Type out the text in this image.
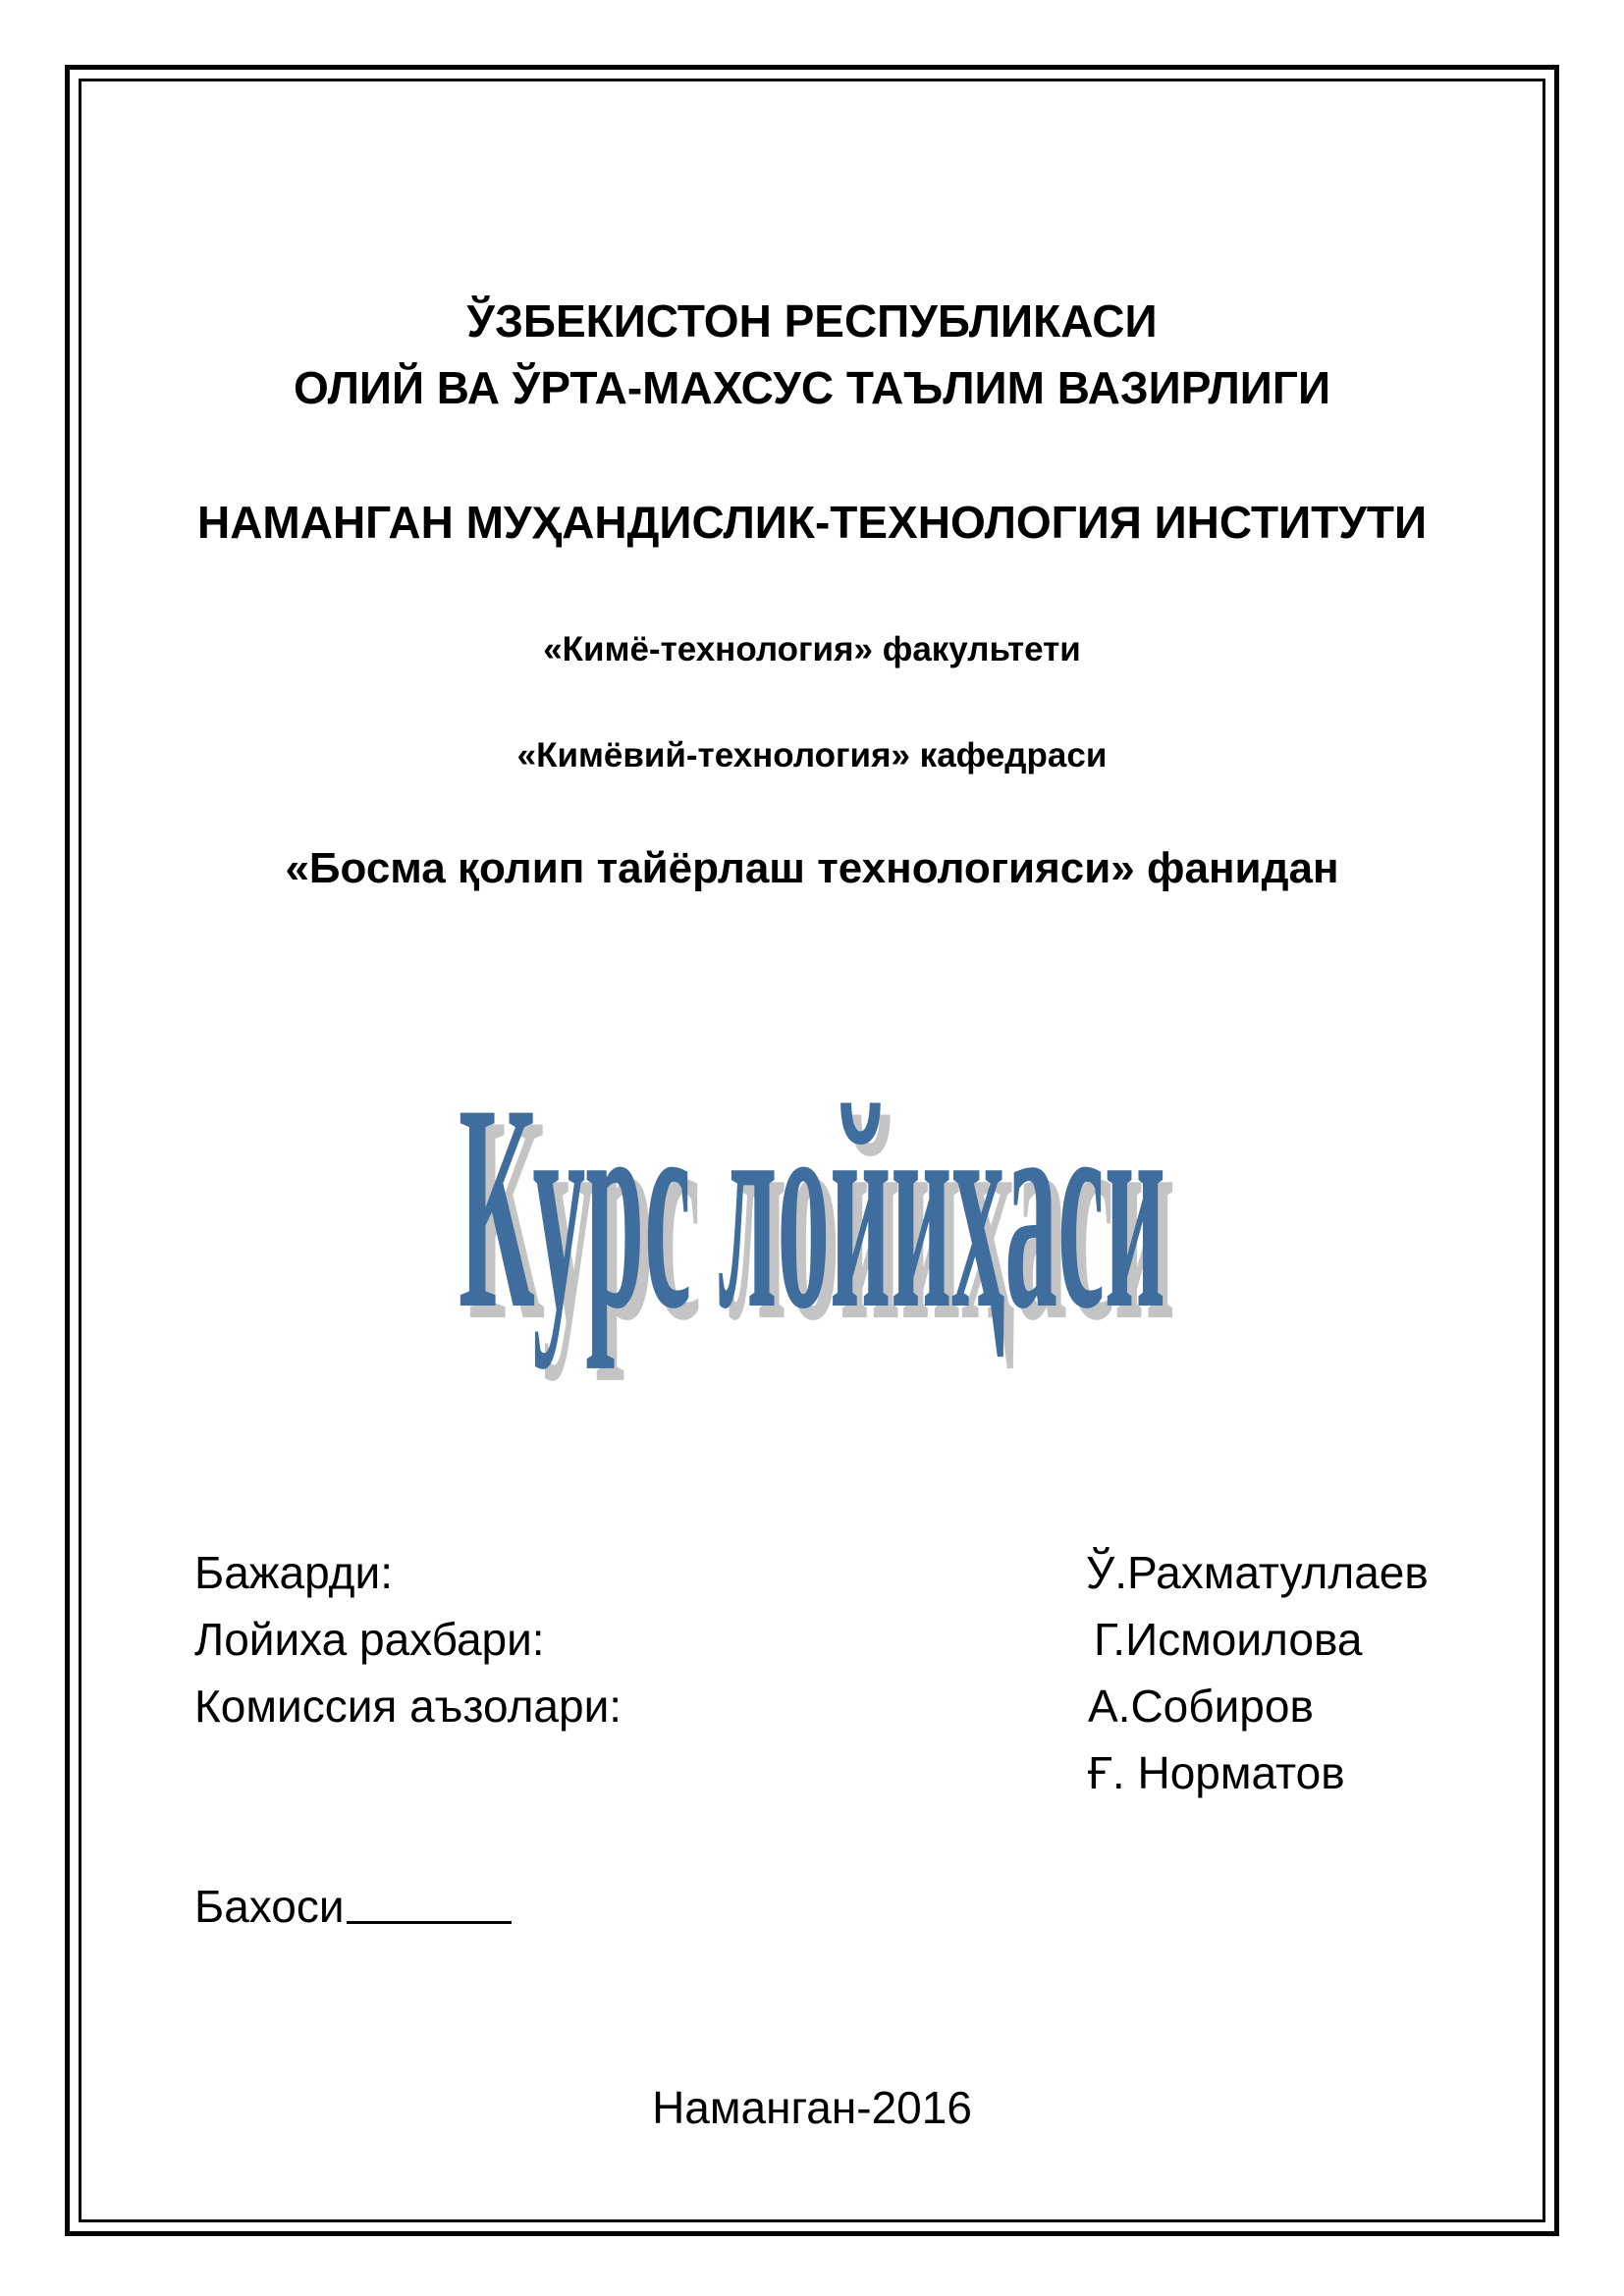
ЎЗБЕКИСТОН РЕСПУБЛИКАСИ
ОЛИЙ ВА ЎРТА-МАХСУС ТАЪЛИМ ВАЗИРЛИГИ
НАМАНГАН МУҲАНДИСЛИК-ТЕХНОЛОГИЯ ИНСТИТУТИ
«Кимё-технология» факультети
«Кимёвий-технология» кафедраси
«Босма қолип тайёрлаш технологияси» фанидан
Курс лойиҳаси
Курс лойиҳаси
Бажарди:	Ў.Рахматуллаев
Лойиха рахбари:	Г.Исмоилова
Комиссия аъзолари:	А.Собиров
Ғ. Норматов
Бахоси
Наманган-2016
